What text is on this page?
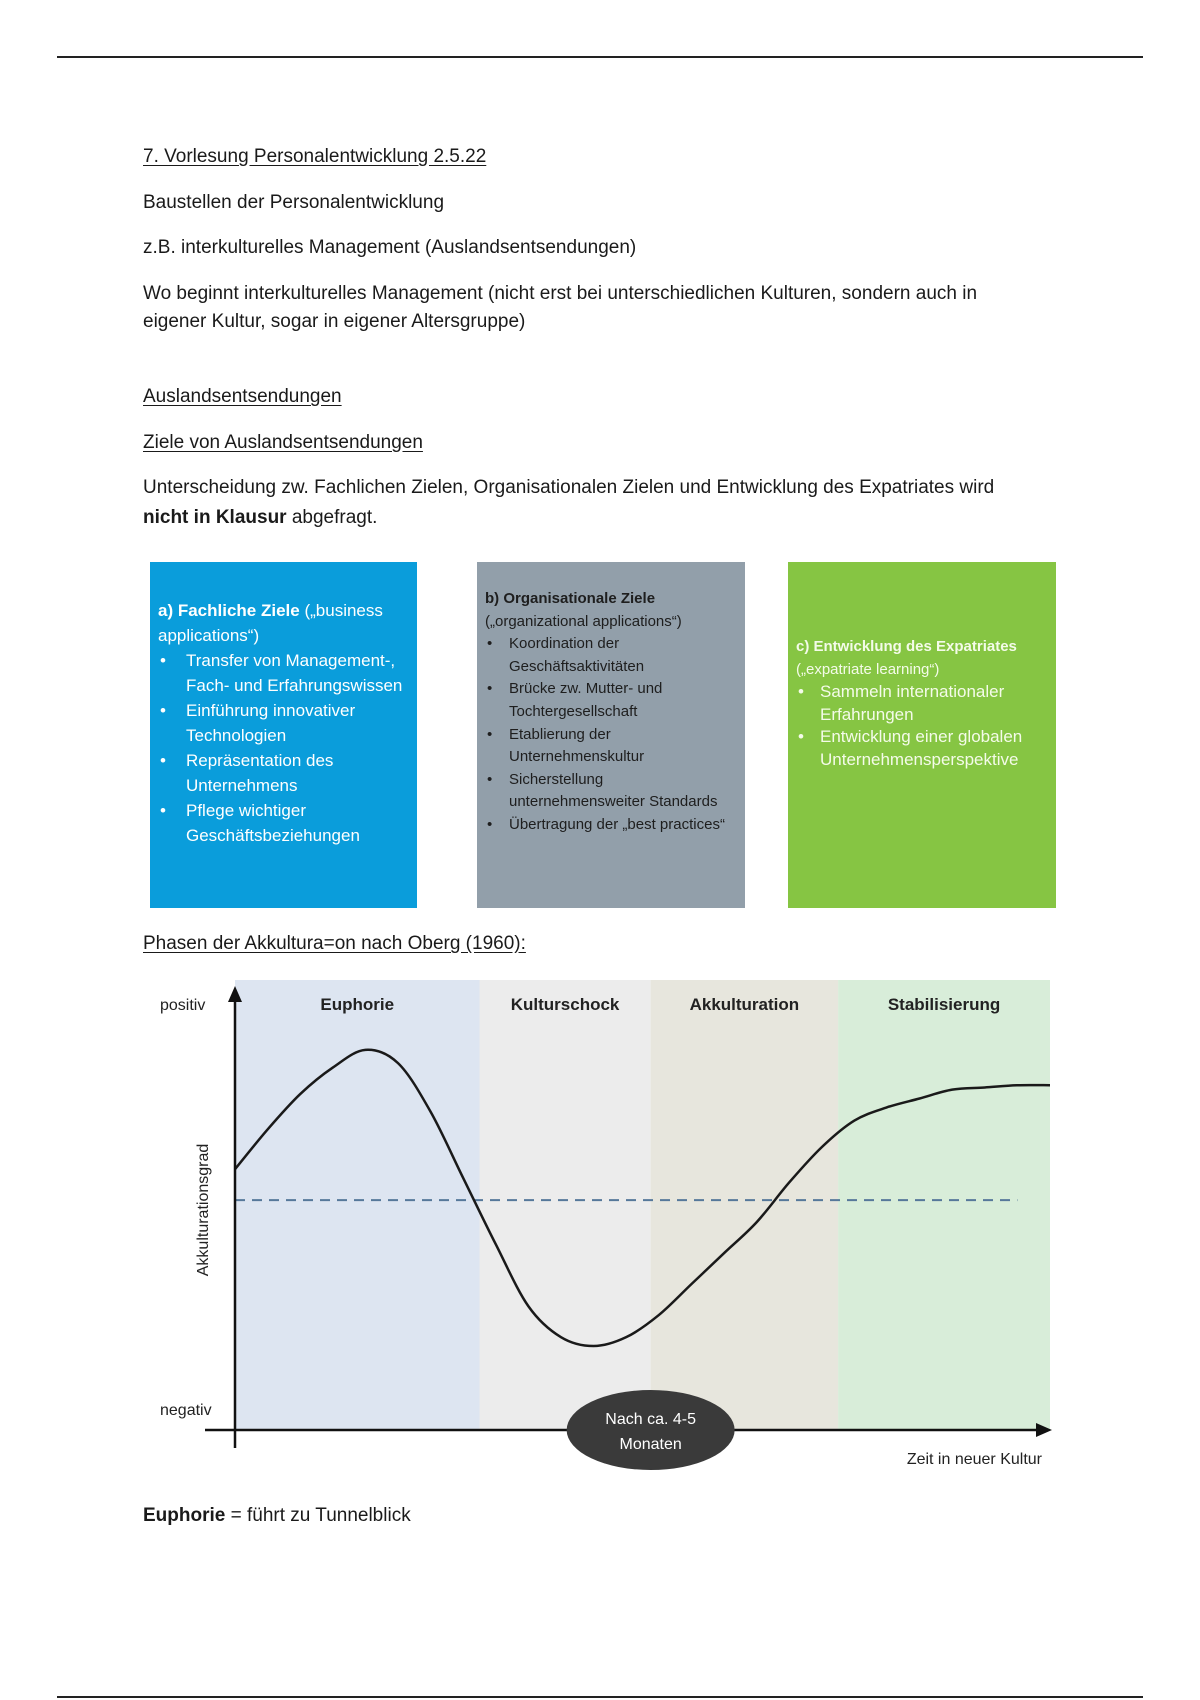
7. Vorlesung Personalentwicklung 2.5.22
Baustellen der Personalentwicklung
z.B. interkulturelles Management (Auslandsentsendungen)
Wo beginnt interkulturelles Management (nicht erst bei unterschiedlichen Kulturen, sondern auch in
eigener Kultur, sogar in eigener Altersgruppe)
Auslandsentsendungen
Ziele von Auslandsentsendungen
Unterscheidung zw. Fachlichen Zielen, Organisationalen Zielen und Entwicklung des Expatriates wird
nicht in Klausur abgefragt.
a) Fachliche Ziele („business applications“)
• Transfer von Management-, Fach- und Erfahrungswissen
• Einführung innovativer Technologien
• Repräsentation des Unternehmens
• Pflege wichtiger Geschäftsbeziehungen
b) Organisationale Ziele
(„organizational applications“)
• Koordination der Geschäftsaktivitäten
• Brücke zw. Mutter- und Tochtergesellschaft
• Etablierung der Unternehmenskultur
• Sicherstellung unternehmensweiter Standards
• Übertragung der „best practices“
c) Entwicklung des Expatriates
(„expatriate learning“)
• Sammeln internationaler Erfahrungen
• Entwicklung einer globalen Unternehmensperspektive
Phasen der Akkultura=on nach Oberg (1960):
Euphorie	Kulturschock	Akkulturation	Stabilisierung
positiv
negativ
Akkulturationsgrad
Zeit in neuer Kultur
Nach ca. 4-5
Monaten
Euphorie = führt zu Tunnelblick
